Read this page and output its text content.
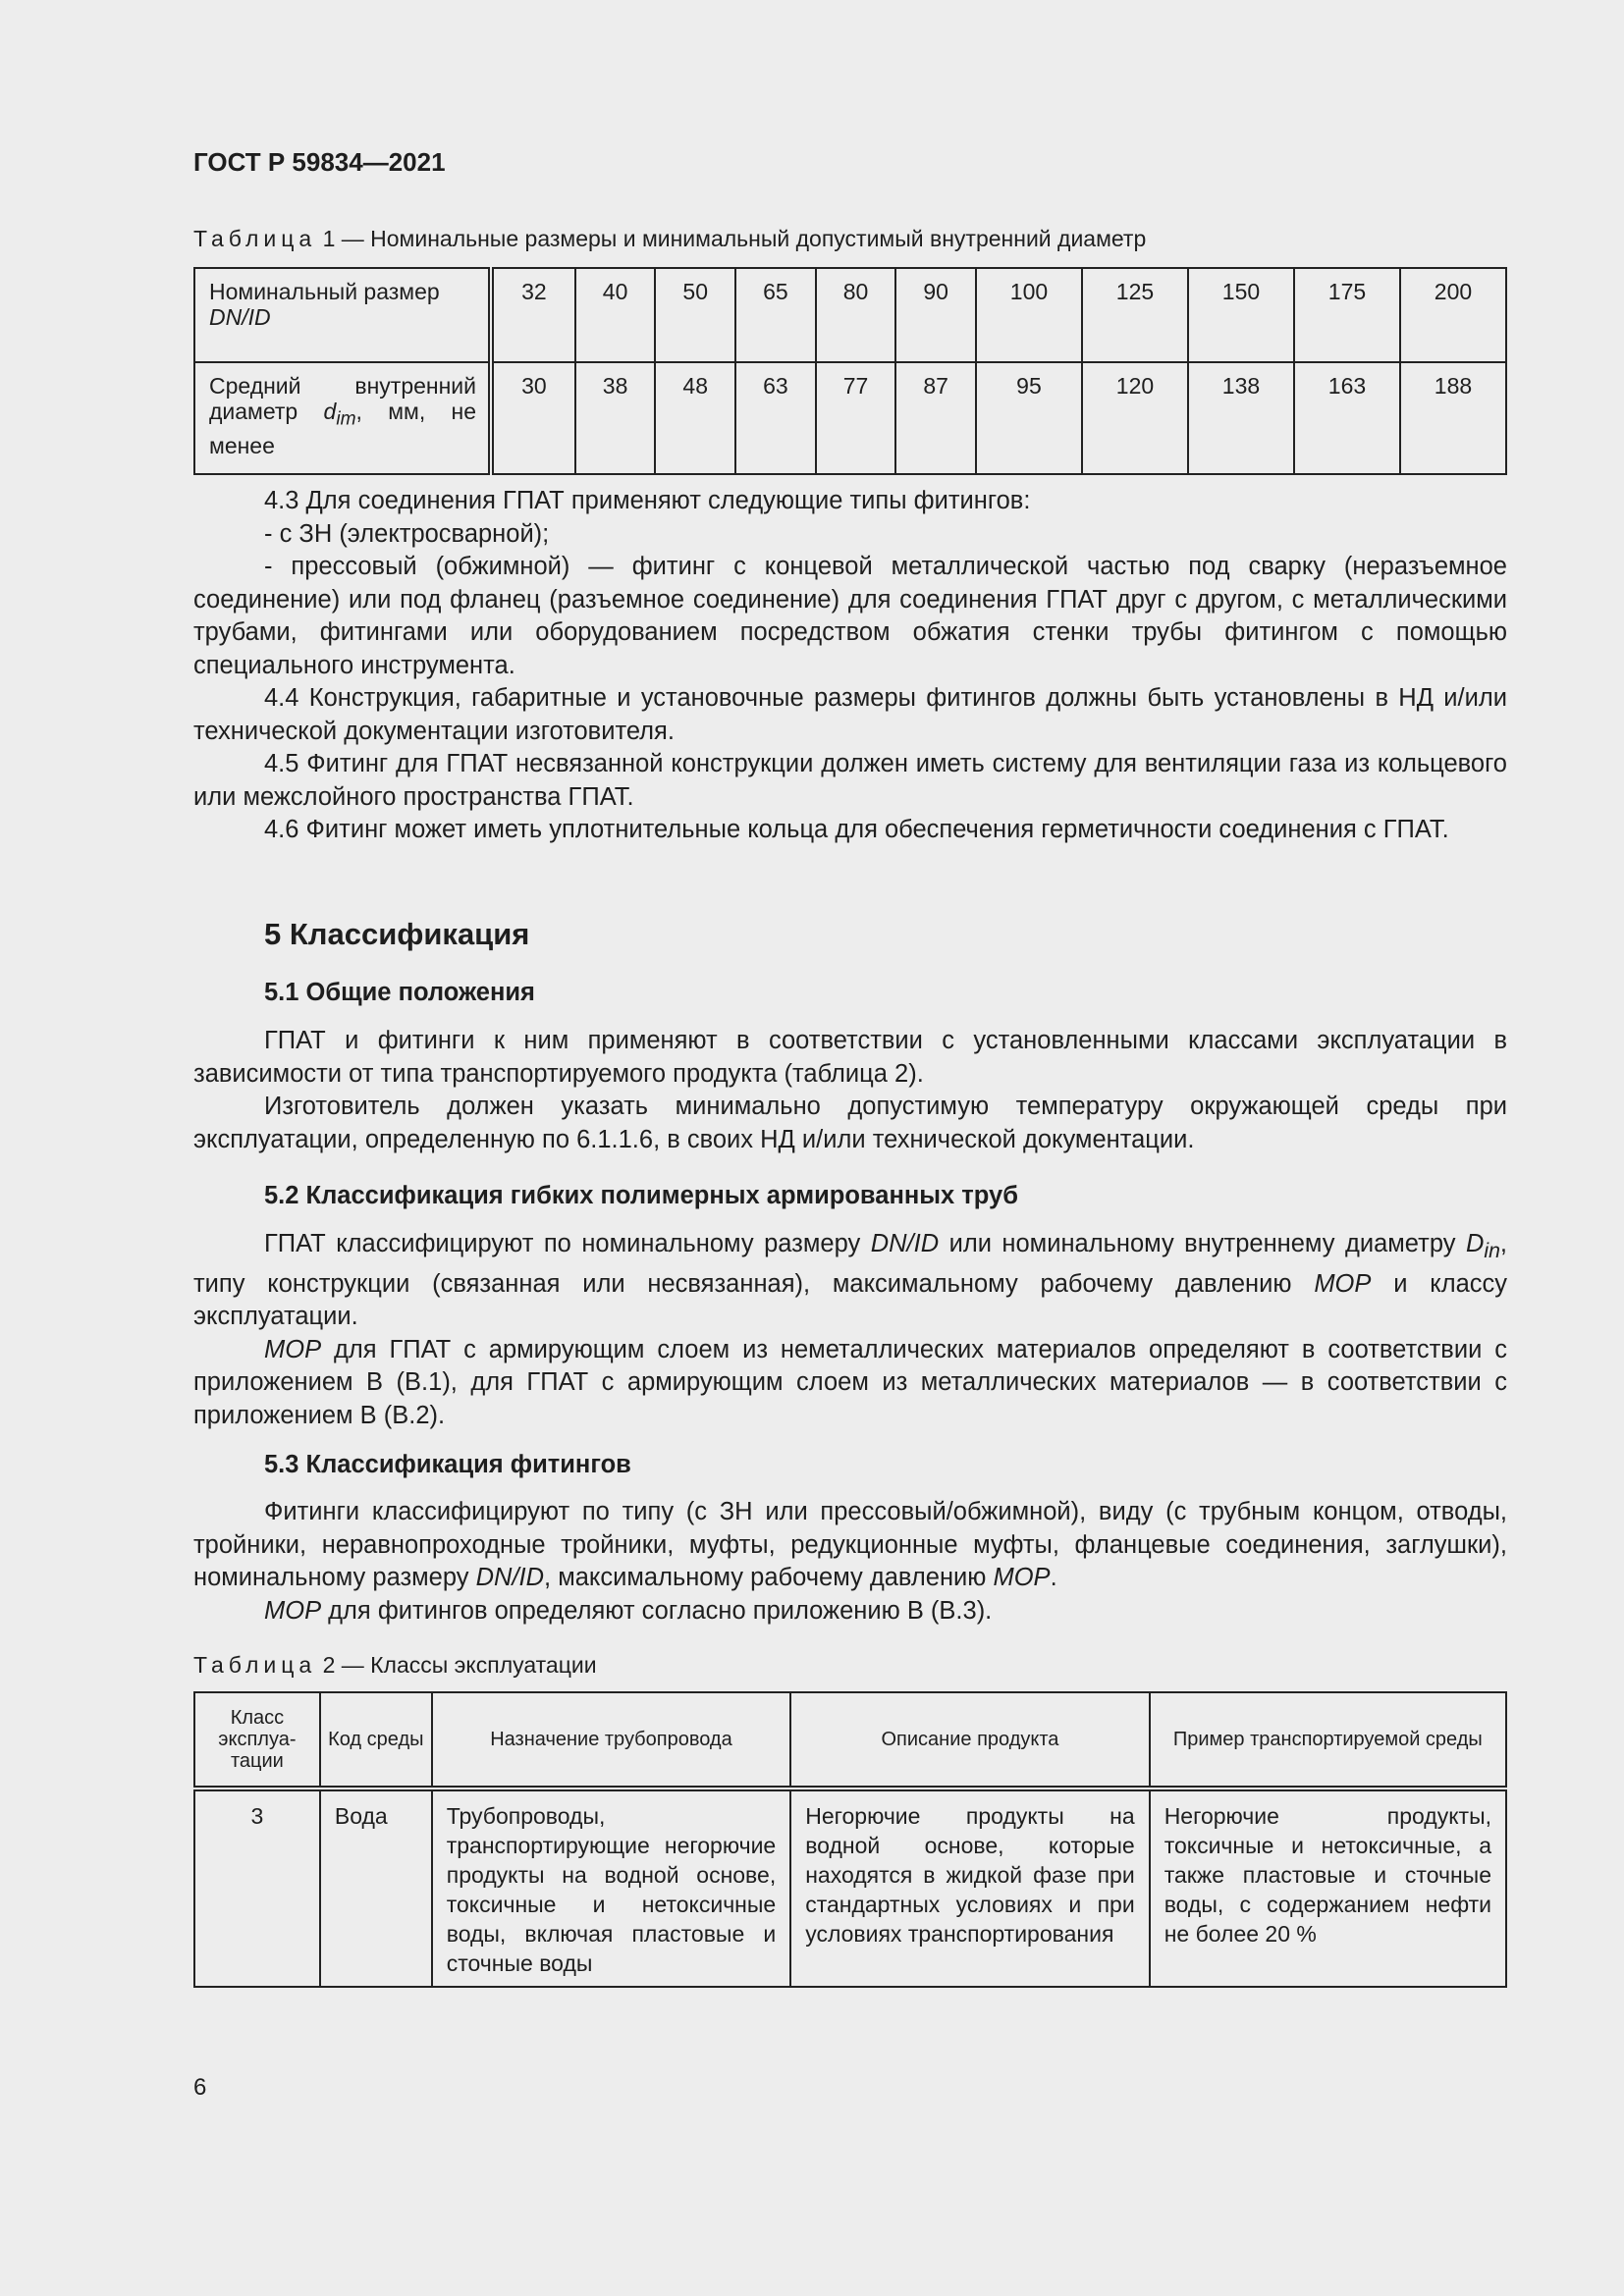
ГОСТ Р 59834—2021
Таблица 1 — Номинальные размеры и минимальный допустимый внутренний диаметр
Номинальный размер
DN/ID	32	40	50	65	80	90	100	125	150	175	200
Средний внутренний диаметр $d_{im}$, мм, не менее	30	38	48	63	77	87	95	120	138	163	188

4.3 Для соединения ГПАТ применяют следующие типы фитингов:

- с ЗН (электросварной);

- прессовый (обжимной) — фитинг с концевой металлической частью под сварку (неразъемное соединение) или под фланец (разъемное соединение) для соединения ГПАТ друг с другом, с металлическими трубами, фитингами или оборудованием посредством обжатия стенки трубы фитингом с помощью специального инструмента.

4.4 Конструкция, габаритные и установочные размеры фитингов должны быть установлены в НД и/или технической документации изготовителя.

4.5 Фитинг для ГПАТ несвязанной конструкции должен иметь систему для вентиляции газа из кольцевого или межслойного пространства ГПАТ.

4.6 Фитинг может иметь уплотнительные кольца для обеспечения герметичности соединения с ГПАТ.

5 Классификация
5.1 Общие положения

ГПАТ и фитинги к ним применяют в соответствии с установленными классами эксплуатации в зависимости от типа транспортируемого продукта (таблица 2).

Изготовитель должен указать минимально допустимую температуру окружающей среды при эксплуатации, определенную по 6.1.1.6, в своих НД и/или технической документации.

5.2 Классификация гибких полимерных армированных труб

ГПАТ классифицируют по номинальному размеру DN/ID или номинальному внутреннему диаметру $D_{in}$, типу конструкции (связанная или несвязанная), максимальному рабочему давлению MOP и классу эксплуатации.

MOP для ГПАТ с армирующим слоем из неметаллических материалов определяют в соответствии с приложением В (В.1), для ГПАТ с армирующим слоем из металлических материалов — в соответствии с приложением В (В.2).

5.3 Классификация фитингов

Фитинги классифицируют по типу (с ЗН или прессовый/обжимной), виду (с трубным концом, отводы, тройники, неравнопроходные тройники, муфты, редукционные муфты, фланцевые соединения, заглушки), номинальному размеру DN/ID, максимальному рабочему давлению MOP.

MOP для фитингов определяют согласно приложению В (В.3).

Таблица 2 — Классы эксплуатации
Класс эксплуа-тации	Код среды	Назначение трубопровода	Описание продукта	Пример транспортируемой среды
3	Вода	Трубопроводы, транспортирующие негорючие продукты на водной основе, токсичные и нетоксичные воды, включая пластовые и сточные воды	Негорючие продукты на водной основе, которые находятся в жидкой фазе при стандартных условиях и при условиях транспортирования	Негорючие продукты, токсичные и нетоксичные, а также пластовые и сточные воды, с содержанием нефти не более 20 %
6
